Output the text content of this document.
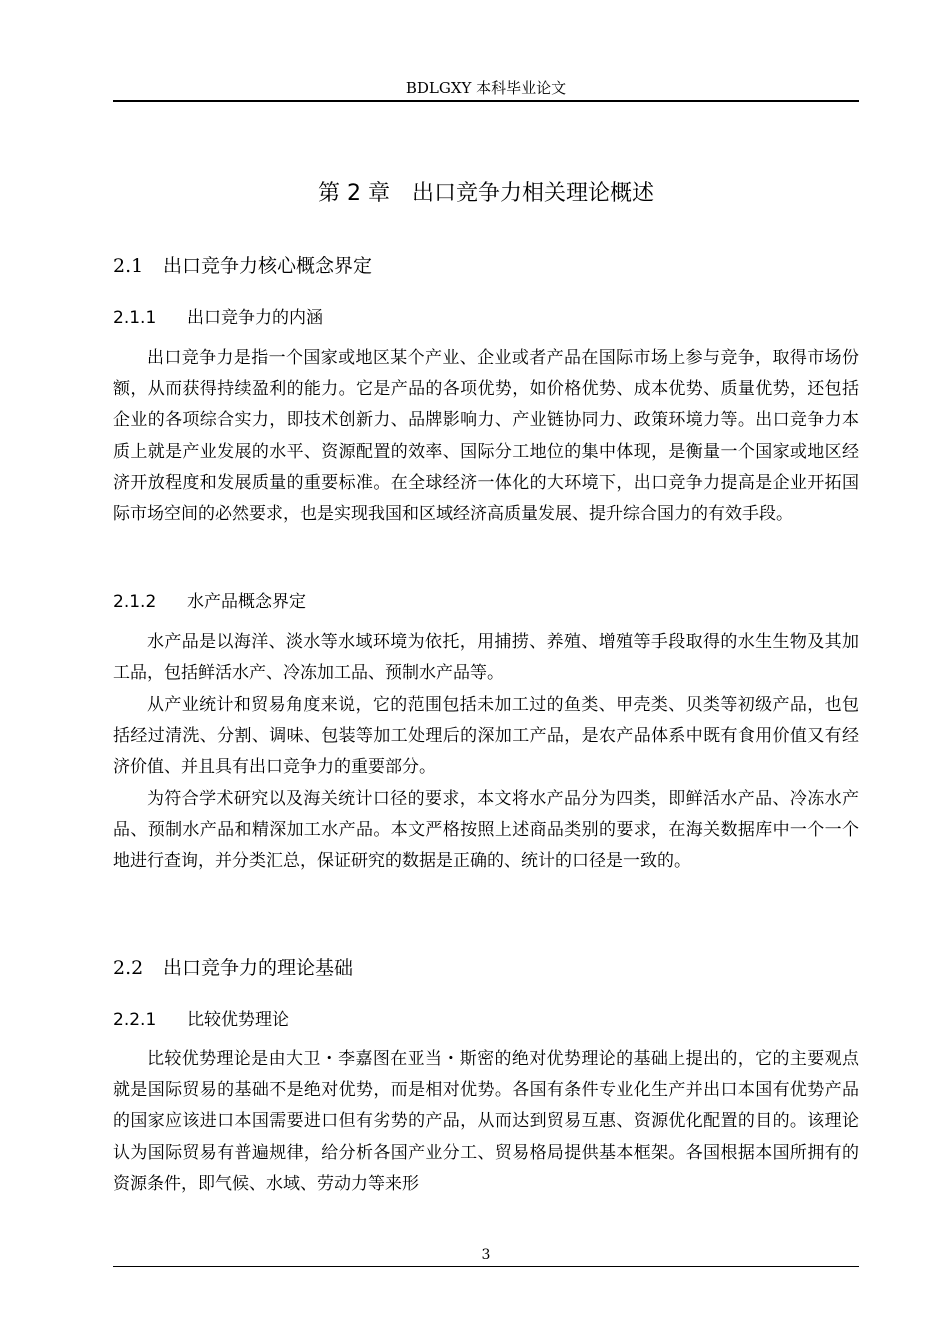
BDLGXY 本科毕业论文
第 2 章　出口竞争力相关理论概述
2.1 出口竞争力核心概念界定
2.1.1 出口竞争力的内涵

出口竞争力是指一个国家或地区某个产业、企业或者产品在国际市场上参与竞争，取得市场份额，从而获得持续盈利的能力。它是产品的各项优势，如价格优势、成本优势、质量优势，还包括企业的各项综合实力，即技术创新力、品牌影响力、产业链协同力、政策环境力等。出口竞争力本质上就是产业发展的水平、资源配置的效率、国际分工地位的集中体现，是衡量一个国家或地区经济开放程度和发展质量的重要标准。在全球经济一体化的大环境下，出口竞争力提高是企业开拓国际市场空间的必然要求，也是实现我国和区域经济高质量发展、提升综合国力的有效手段。

2.1.2 水产品概念界定

水产品是以海洋、淡水等水域环境为依托，用捕捞、养殖、增殖等手段取得的水生生物及其加工品，包括鲜活水产、冷冻加工品、预制水产品等。

从产业统计和贸易角度来说，它的范围包括未加工过的鱼类、甲壳类、贝类等初级产品，也包括经过清洗、分割、调味、包装等加工处理后的深加工产品，是农产品体系中既有食用价值又有经济价值、并且具有出口竞争力的重要部分。

为符合学术研究以及海关统计口径的要求，本文将水产品分为四类，即鲜活水产品、冷冻水产品、预制水产品和精深加工水产品。本文严格按照上述商品类别的要求，在海关数据库中一个一个地进行查询，并分类汇总，保证研究的数据是正确的、统计的口径是一致的。

2.2 出口竞争力的理论基础
2.2.1 比较优势理论

比较优势理论是由大卫・李嘉图在亚当・斯密的绝对优势理论的基础上提出的，它的主要观点就是国际贸易的基础不是绝对优势，而是相对优势。各国有条件专业化生产并出口本国有优势产品的国家应该进口本国需要进口但有劣势的产品，从而达到贸易互惠、资源优化配置的目的。该理论认为国际贸易有普遍规律，给分析各国产业分工、贸易格局提供基本框架。各国根据本国所拥有的资源条件，即气候、水域、劳动力等来形

3
